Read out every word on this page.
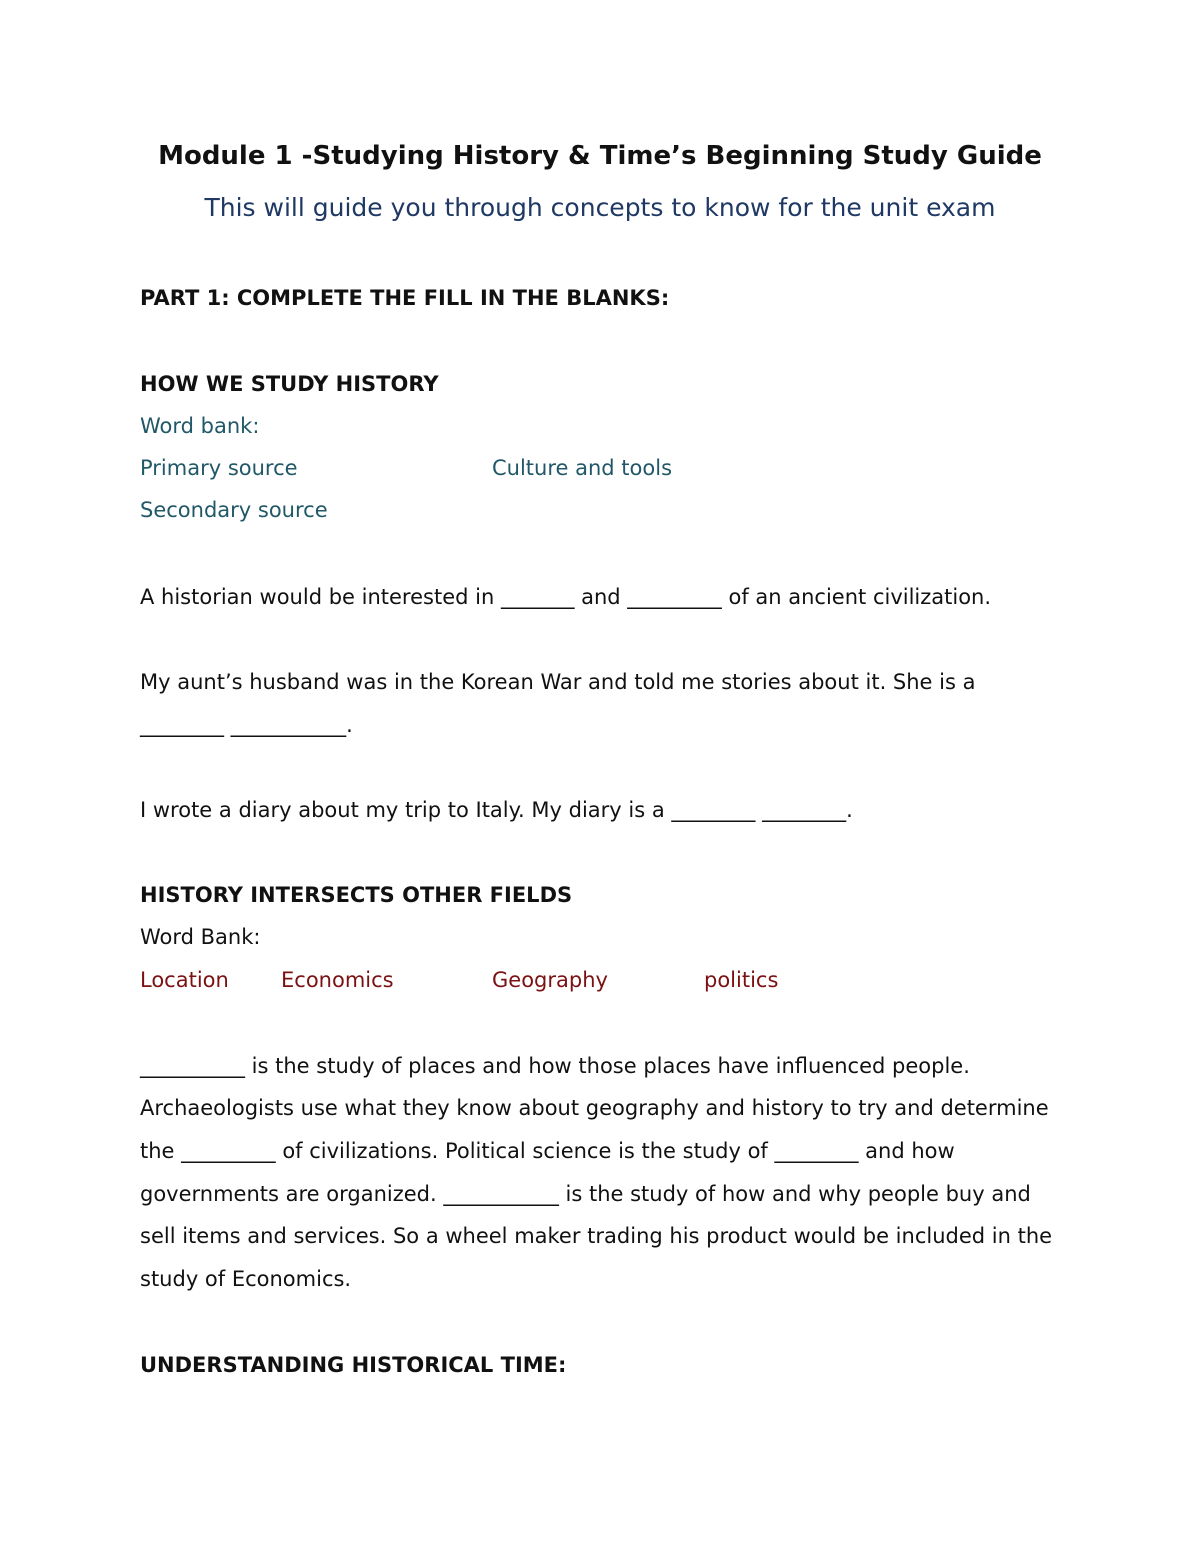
Module 1 -Studying History & Time’s Beginning Study Guide
This will guide you through concepts to know for the unit exam
PART 1: COMPLETE THE FILL IN THE BLANKS:
HOW WE STUDY HISTORY
Word bank:
Primary source	Culture and tools
Secondary source
A historian would be interested in _______ and _________ of an ancient civilization.
My aunt’s husband was in the Korean War and told me stories about it. She is a
________ ___________.
I wrote a diary about my trip to Italy. My diary is a ________ ________.
HISTORY INTERSECTS OTHER FIELDS
Word Bank:
Location Economics	Geography	politics
__________ is the study of places and how those places have influenced people.
Archaeologists use what they know about geography and history to try and determine
the _________ of civilizations. Political science is the study of ________ and how
governments are organized. ___________ is the study of how and why people buy and
sell items and services. So a wheel maker trading his product would be included in the
study of Economics.
UNDERSTANDING HISTORICAL TIME:
